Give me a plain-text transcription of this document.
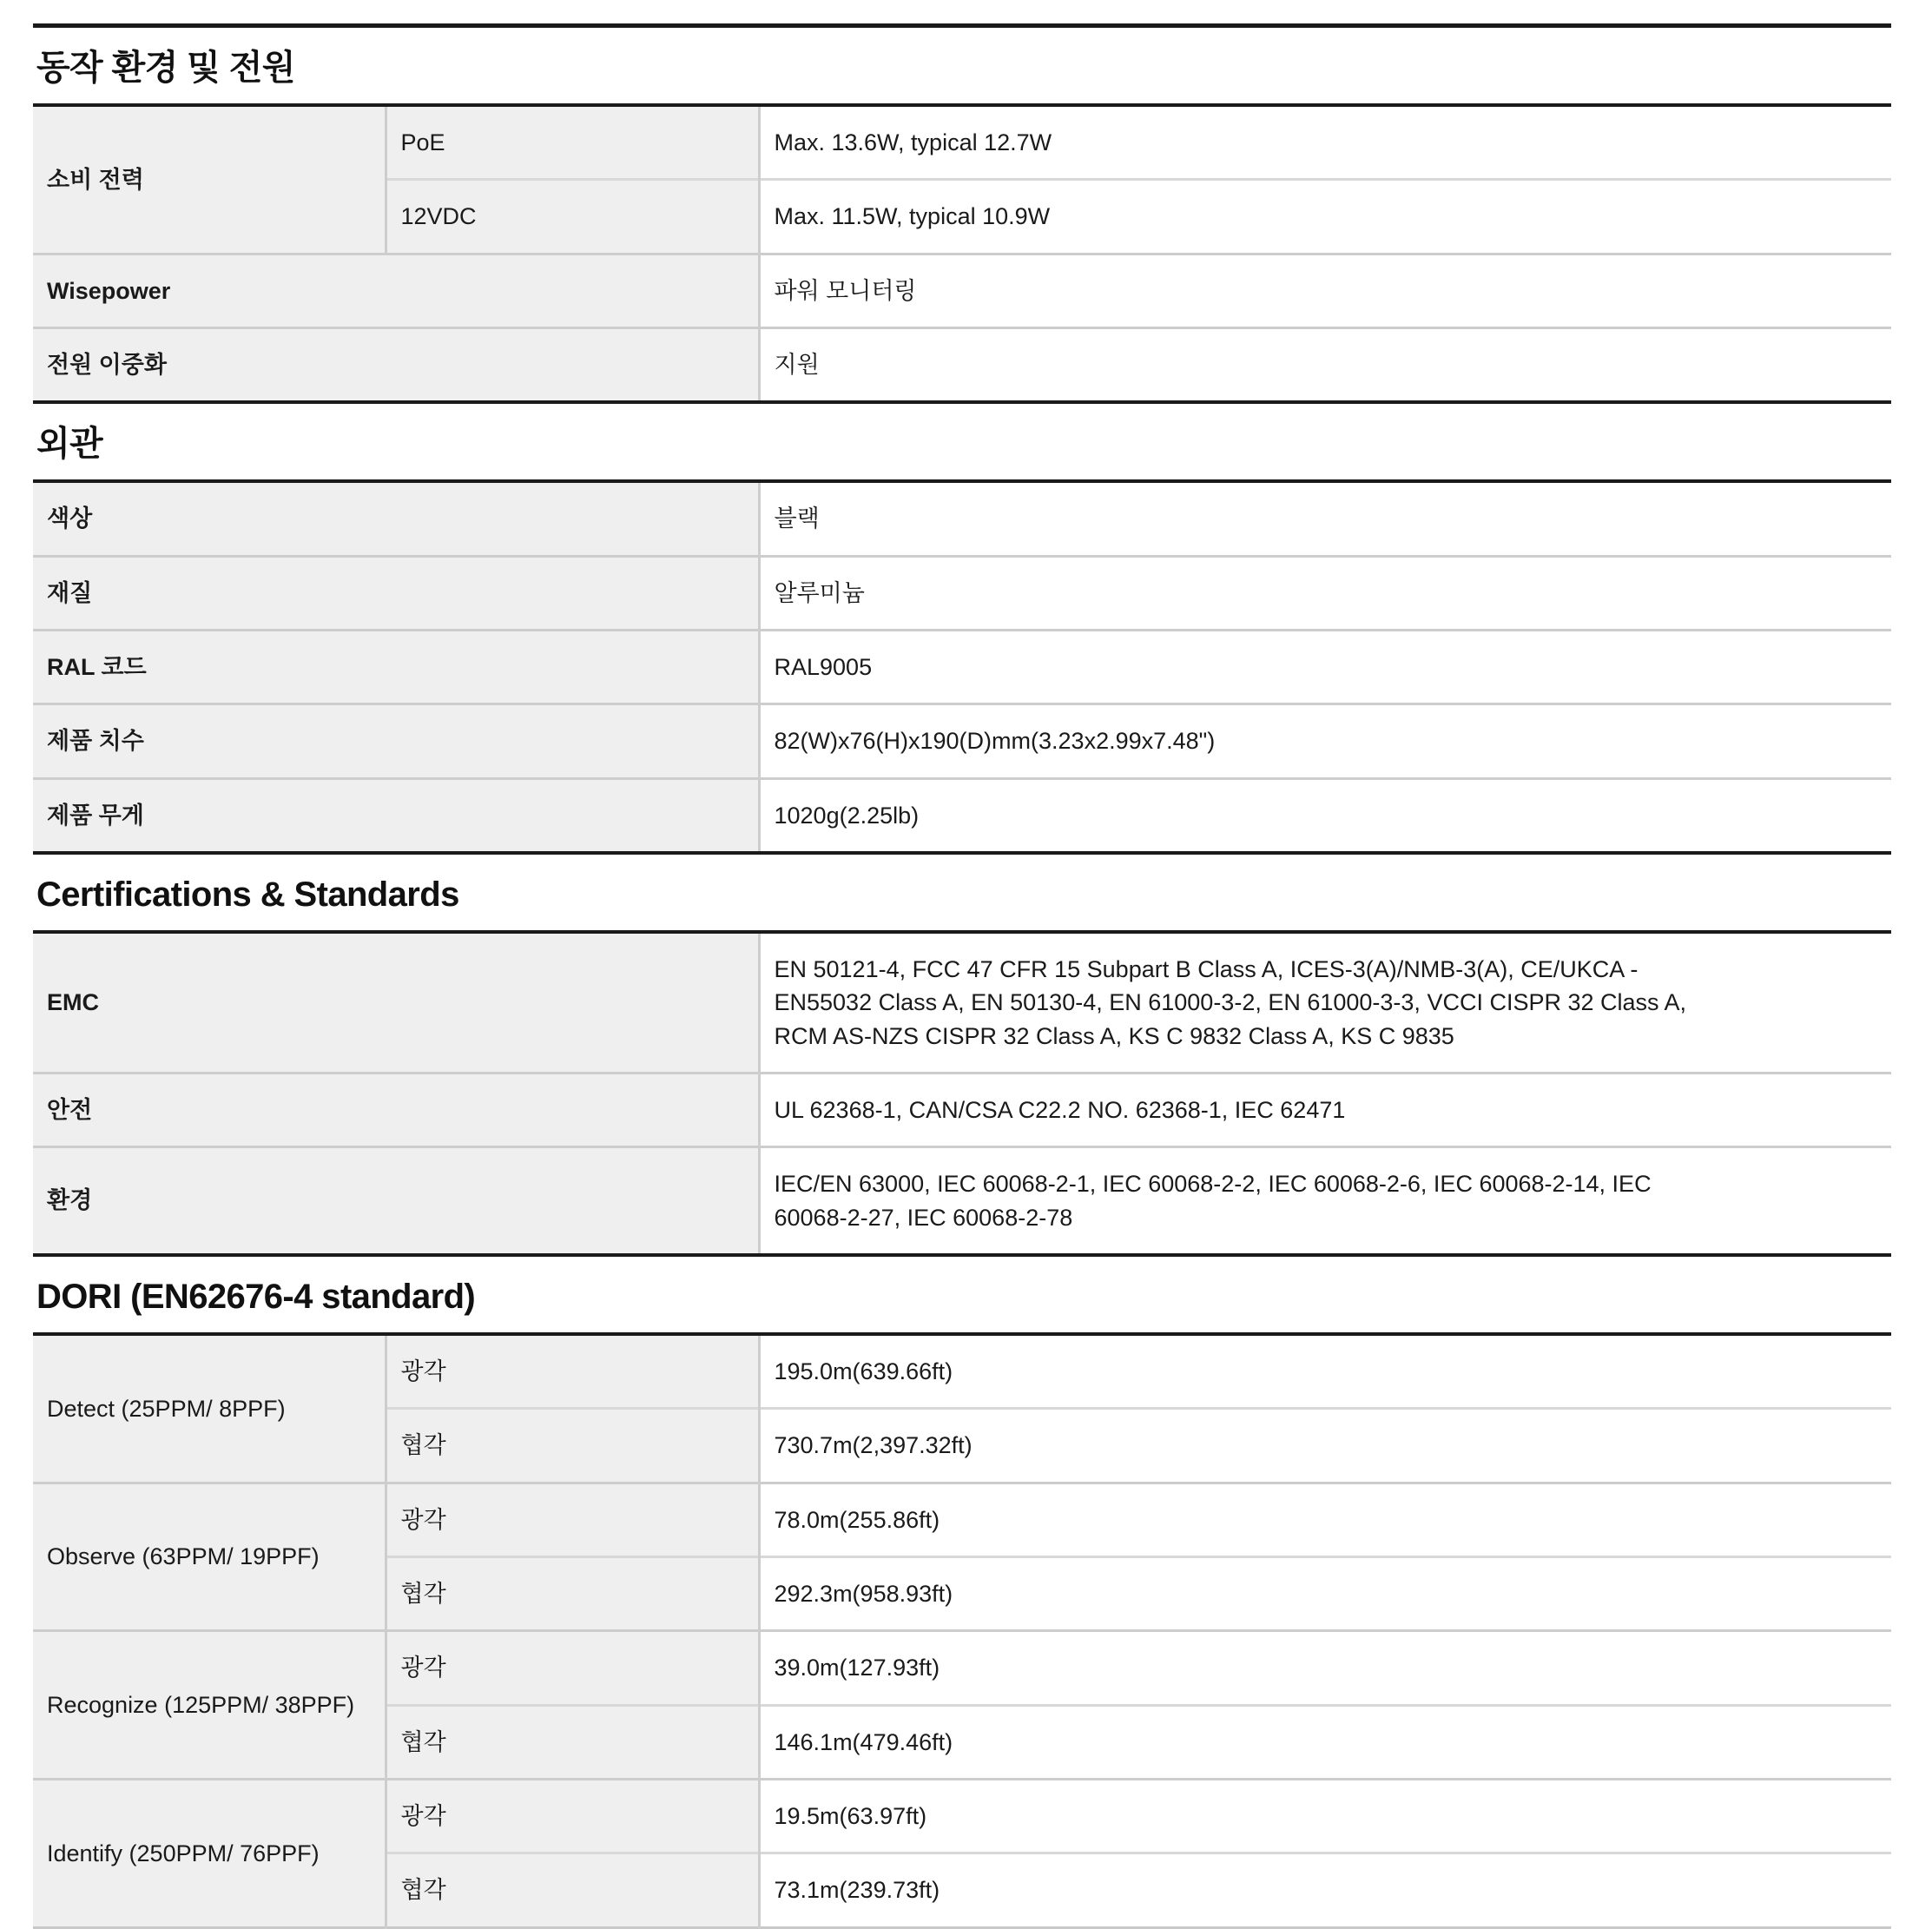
동작 환경 및 전원
소비 전력	PoE	Max. 13.6W, typical 12.7W
	12VDC	Max. 11.5W, typical 10.9W
Wisepower		파워 모니터링
전원 이중화		지원
외관
색상	블랙
재질	알루미늄
RAL 코드	RAL9005
제품 치수	82(W)x76(H)x190(D)mm(3.23x2.99x7.48")
제품 무게	1020g(2.25lb)
Certifications & Standards
EMC	EN 50121-4, FCC 47 CFR 15 Subpart B Class A, ICES-3(A)/NMB-3(A), CE/UKCA -
EN55032 Class A, EN 50130-4, EN 61000-3-2, EN 61000-3-3, VCCI CISPR 32 Class A,
RCM AS-NZS CISPR 32 Class A, KS C 9832 Class A, KS C 9835

안전	UL 62368-1, CAN/CSA C22.2 NO. 62368-1, IEC 62471

환경	IEC/EN 63000, IEC 60068-2-1, IEC 60068-2-2, IEC 60068-2-6, IEC 60068-2-14, IEC
60068-2-27, IEC 60068-2-78
DORI (EN62676-4 standard)
Detect (25PPM/ 8PPF)	광각	195.0m(639.66ft)
	협각	730.7m(2,397.32ft)
Observe (63PPM/ 19PPF)	광각	78.0m(255.86ft)
	협각	292.3m(958.93ft)
Recognize (125PPM/ 38PPF)	광각	39.0m(127.93ft)
	협각	146.1m(479.46ft)
Identify (250PPM/ 76PPF)	광각	19.5m(63.97ft)
	협각	73.1m(239.73ft)
